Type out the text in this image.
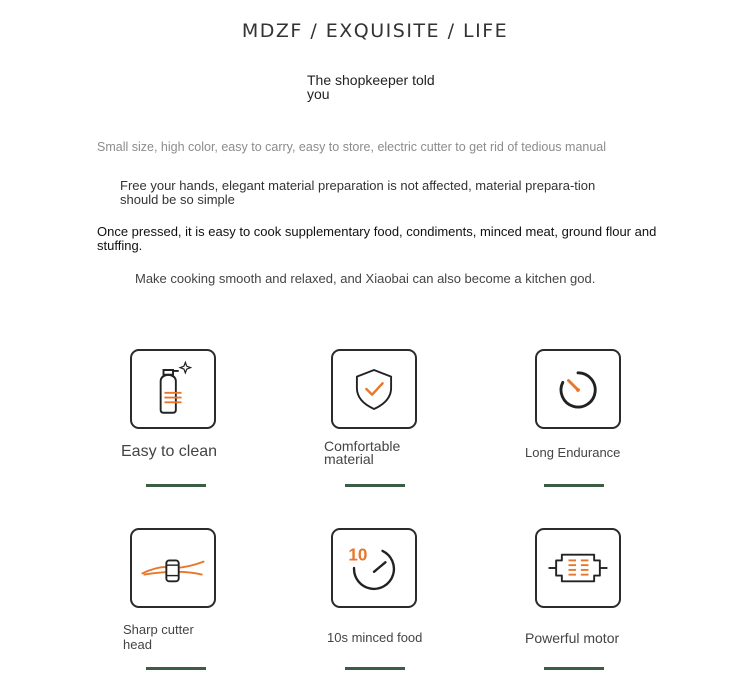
MDZF / EXQUISITE / LIFE
The shopkeeper told you
Small size, high color, easy to carry, easy to store, electric cutter to get rid of tedious manual
Free your hands, elegant material preparation is not affected, material prepara-tion should be so simple
Once pressed, it is easy to cook supplementary food, condiments, minced meat, ground flour and stuffing.
Make cooking smooth and relaxed, and Xiaobai can also become a kitchen god.
Easy to clean	Comfortable material	Long Endurance
Sharp cutter head
10
10s minced food	Powerful motor
